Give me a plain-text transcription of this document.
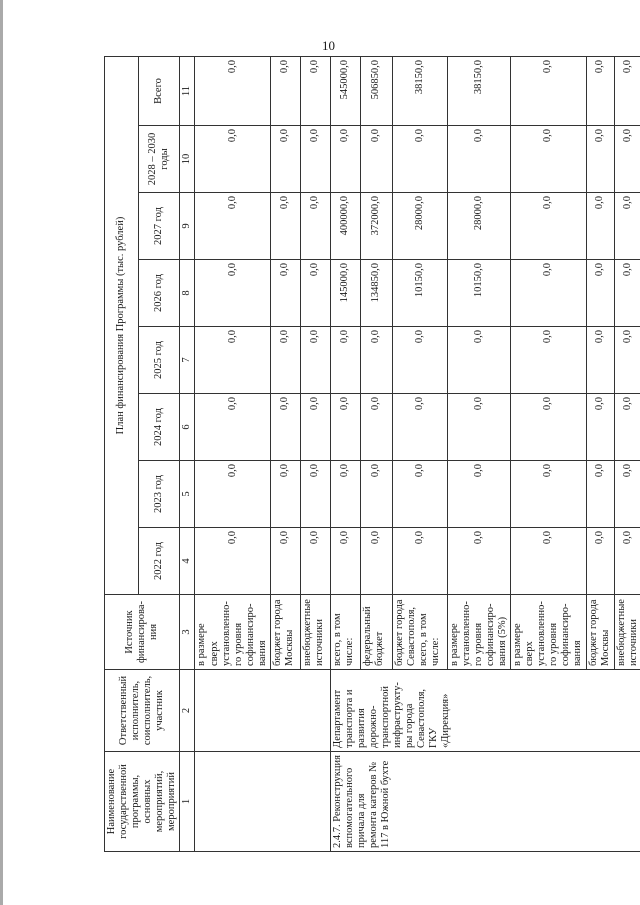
10
Наименование государственной программы, основных мероприятий, мероприятий	Ответственный исполнитель, соисполнитель, участник	Источник финансирова-ния	План финансирования Программы (тыс. рублей)							
			2022 год	2023 год	2024 год	2025 год	2026 год	2027 год	2028 – 2030 годы	Всего
1	2	3	4	5	6	7	8	9	10	11
		в размере сверх установленно-го уровня софинансиро-вания	0,0	0,0	0,0	0,0	0,0	0,0	0,0	0,0
		бюджет города Москвы	0,0	0,0	0,0	0,0	0,0	0,0	0,0	0,0
		внебюджетные источники	0,0	0,0	0,0	0,0	0,0	0,0	0,0	0,0
2.4.7. Реконструкция вспомогательного причала для ремонта катеров № 117 в Южной бухте	Департамент транспорта и развития дорожно-транспортной инфраструкту-ры города Севастополя, ГКУ «Дирекция»	всего, в том числе:	0,0	0,0	0,0	0,0	145000,0	400000,0	0,0	545000,0
		федеральный бюджет	0,0	0,0	0,0	0,0	134850,0	372000,0	0,0	506850,0
		бюджет города Севастополя, всего, в том числе:	0,0	0,0	0,0	0,0	10150,0	28000,0	0,0	38150,0
		в размере установленно-го уровня софинансиро-вания (5%)	0,0	0,0	0,0	0,0	10150,0	28000,0	0,0	38150,0
		в размере сверх установленно-го уровня софинансиро-вания	0,0	0,0	0,0	0,0	0,0	0,0	0,0	0,0
		бюджет города Москвы	0,0	0,0	0,0	0,0	0,0	0,0	0,0	0,0
		внебюджетные источники	0,0	0,0	0,0	0,0	0,0	0,0	0,0	0,0
